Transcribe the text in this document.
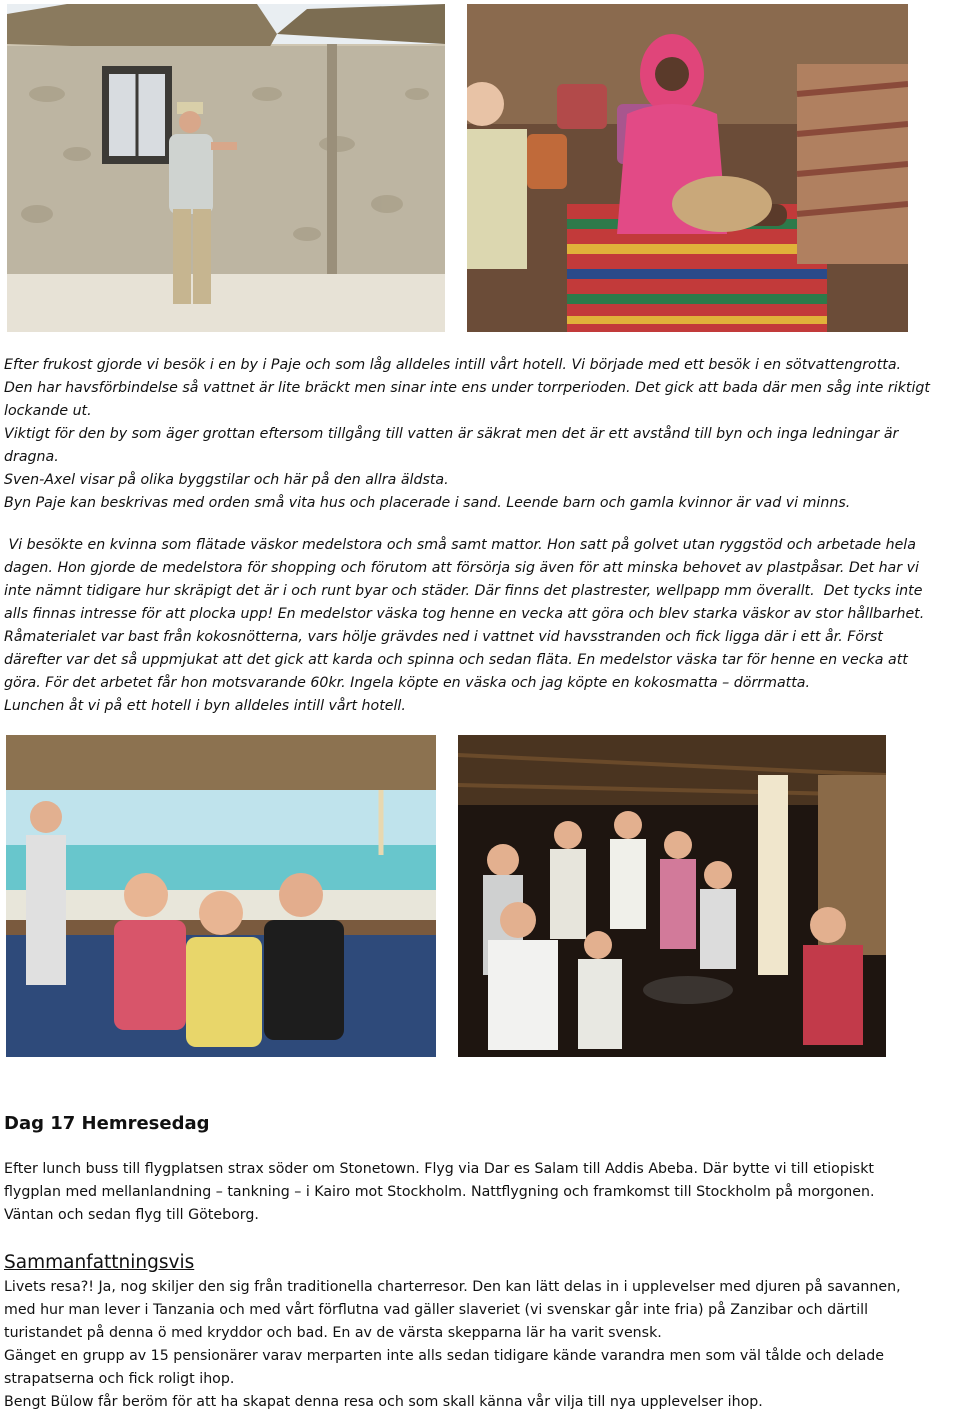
Efter frukost gjorde vi besök i en by i Paje och som låg alldeles intill vårt hotell. Vi började med ett besök i en sötvattengrotta.
Den har havsförbindelse så vattnet är lite bräckt men sinar inte ens under torrperioden. Det gick att bada där men såg inte riktigt
lockande ut.
Viktigt för den by som äger grottan eftersom tillgång till vatten är säkrat men det är ett avstånd till byn och inga ledningar är
dragna.
Sven-Axel visar på olika byggstilar och här på den allra äldsta.
Byn Paje kan beskrivas med orden små vita hus och placerade i sand. Leende barn och gamla kvinnor är vad vi minns.
Vi besökte en kvinna som flätade väskor medelstora och små samt mattor. Hon satt på golvet utan ryggstöd och arbetade hela
dagen. Hon gjorde de medelstora för shopping och förutom att försörja sig även för att minska behovet av plastpåsar. Det har vi
inte nämnt tidigare hur skräpigt det är i och runt byar och städer. Där finns det plastrester, wellpapp mm överallt.  Det tycks inte
alls finnas intresse för att plocka upp! En medelstor väska tog henne en vecka att göra och blev starka väskor av stor hållbarhet.
Råmaterialet var bast från kokosnötterna, vars hölje grävdes ned i vattnet vid havsstranden och fick ligga där i ett år. Först
därefter var det så uppmjukat att det gick att karda och spinna och sedan fläta. En medelstor väska tar för henne en vecka att
göra. För det arbetet får hon motsvarande 60kr. Ingela köpte en väska och jag köpte en kokosmatta – dörrmatta.
Lunchen åt vi på ett hotell i byn alldeles intill vårt hotell.
Dag 17 Hemresedag
Efter lunch buss till flygplatsen strax söder om Stonetown. Flyg via Dar es Salam till Addis Abeba. Där bytte vi till etiopiskt
flygplan med mellanlandning – tankning – i Kairo mot Stockholm. Nattflygning och framkomst till Stockholm på morgonen.
Väntan och sedan flyg till Göteborg.
Sammanfattningsvis
Livets resa?! Ja, nog skiljer den sig från traditionella charterresor. Den kan lätt delas in i upplevelser med djuren på savannen,
med hur man lever i Tanzania och med vårt förflutna vad gäller slaveriet (vi svenskar går inte fria) på Zanzibar och därtill
turistandet på denna ö med kryddor och bad. En av de värsta skepparna lär ha varit svensk.
Gänget en grupp av 15 pensionärer varav merparten inte alls sedan tidigare kände varandra men som väl tålde och delade
strapatserna och fick roligt ihop.
Bengt Bülow får beröm för att ha skapat denna resa och som skall känna vår vilja till nya upplevelser ihop.
